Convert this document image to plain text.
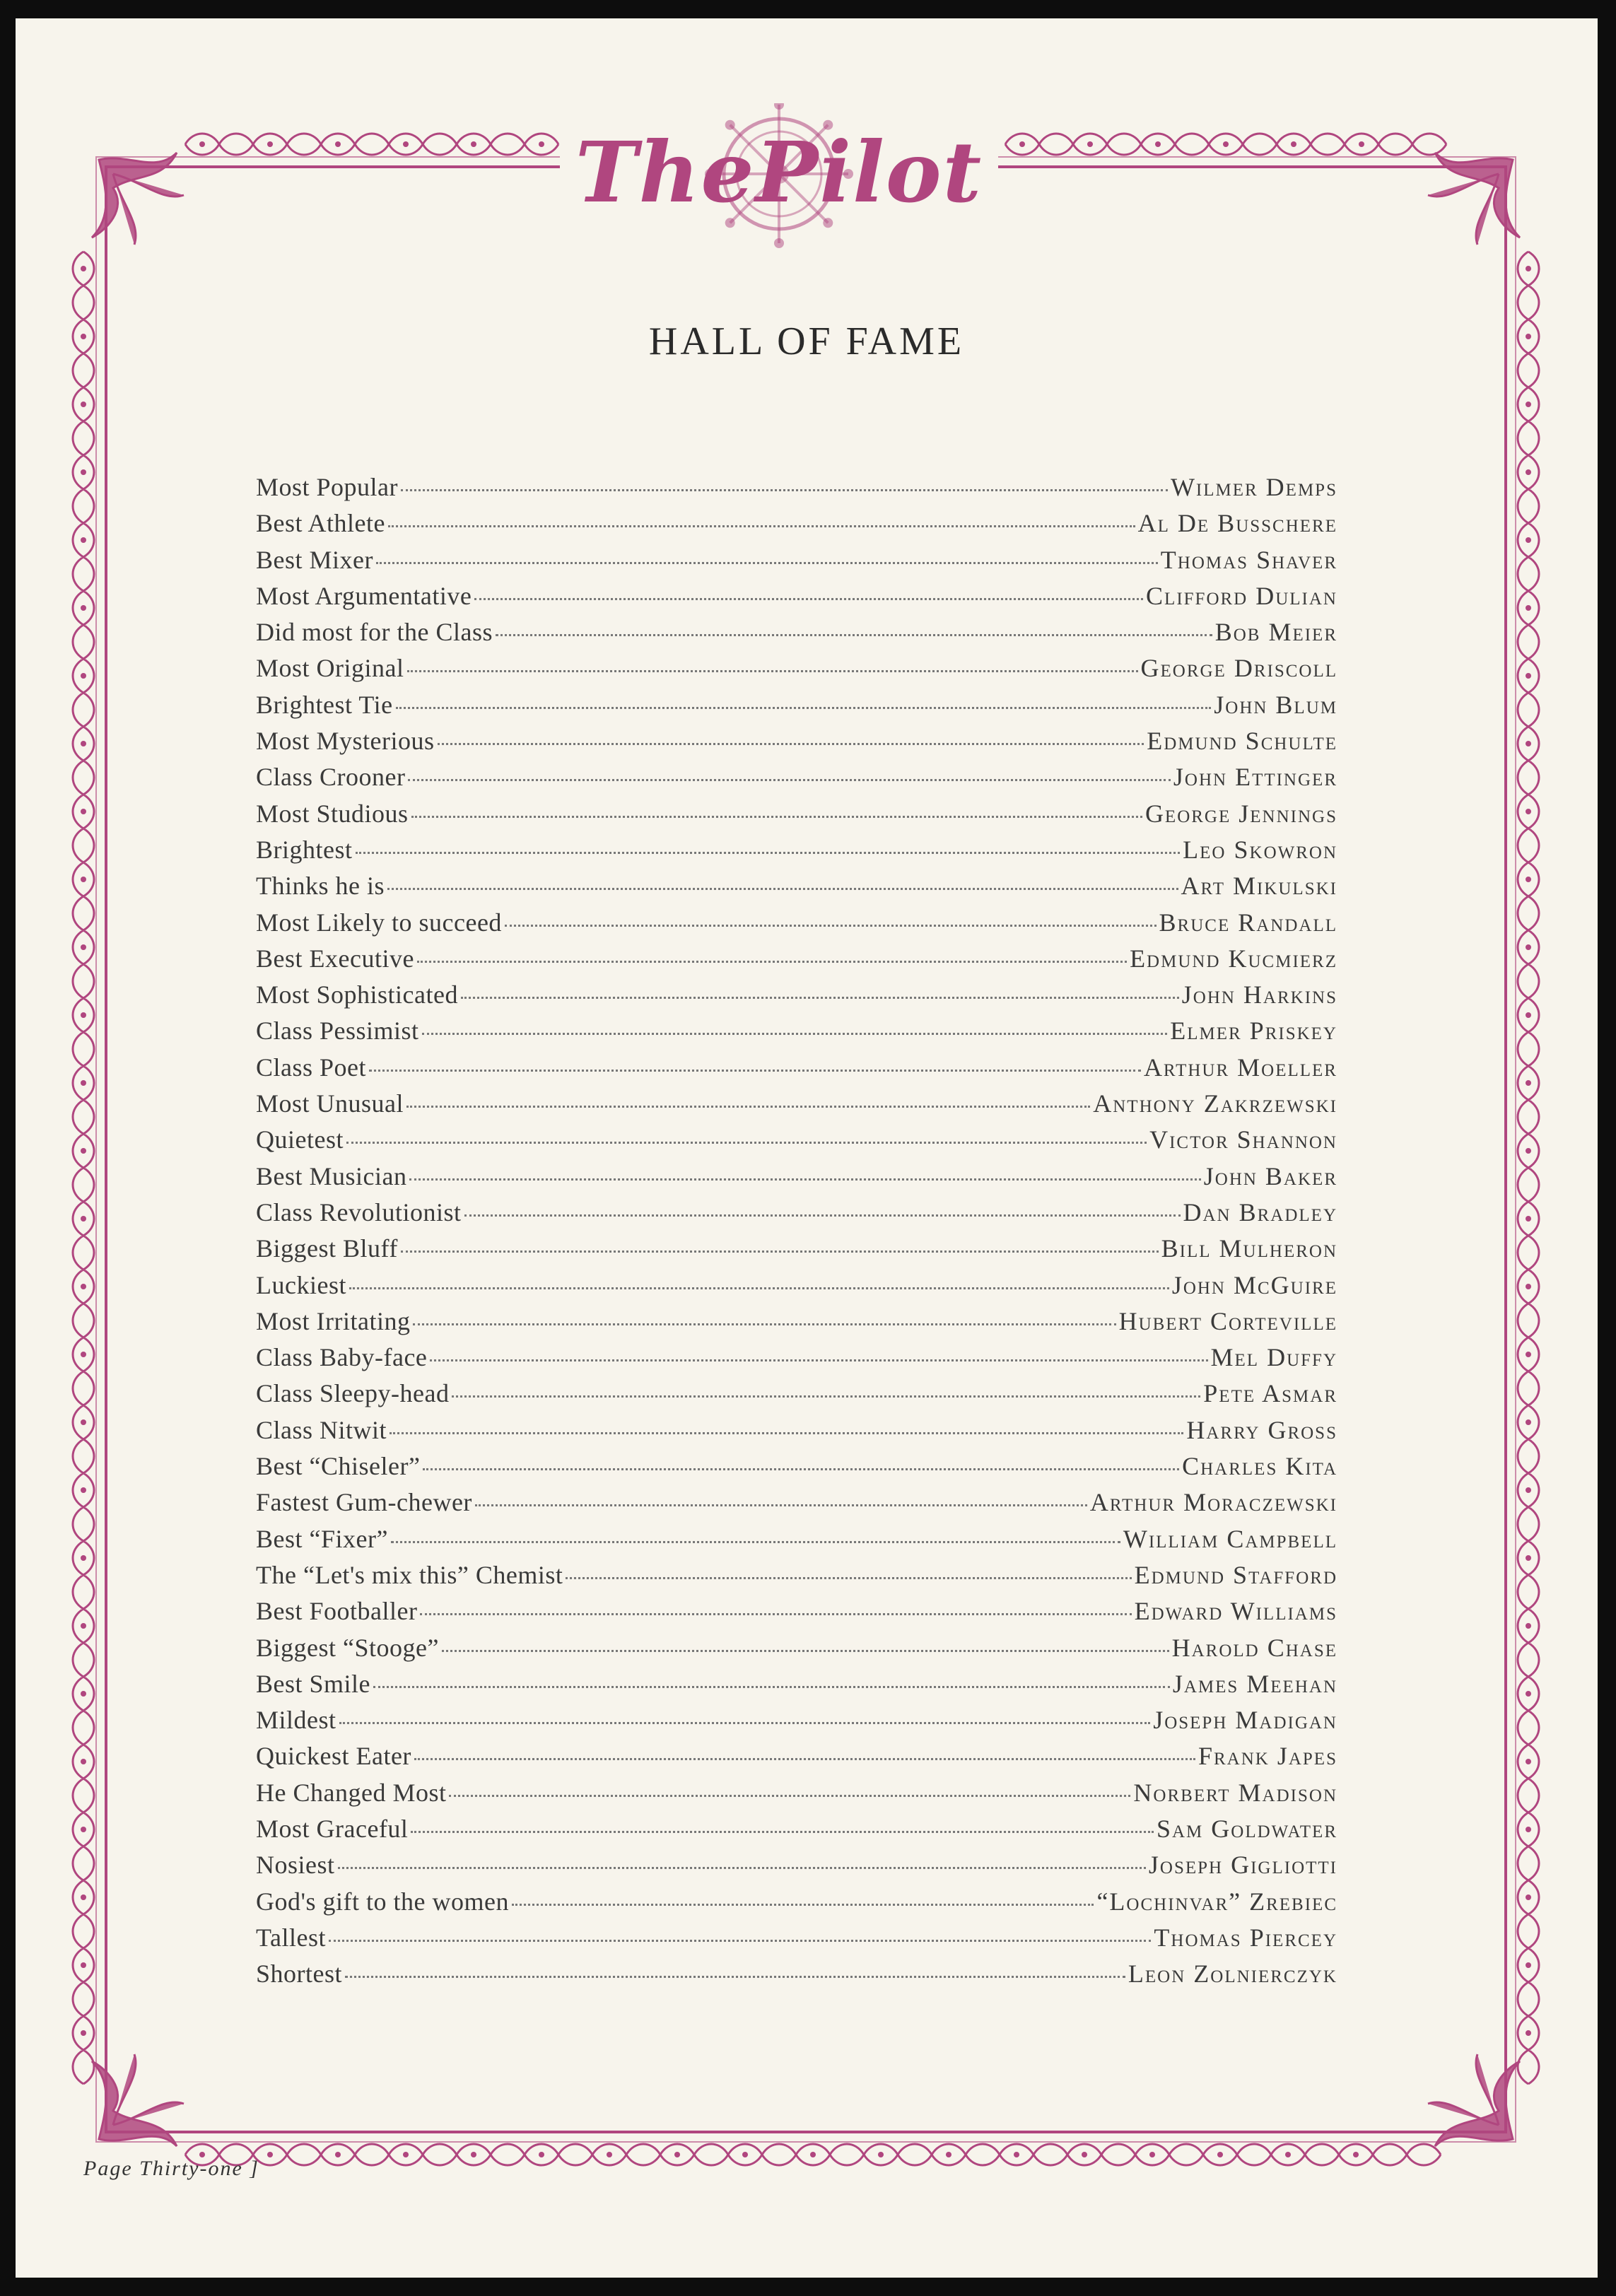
ThePilot
HALL OF FAME
Most Popular	Wilmer Demps
Best Athlete	Al De Busschere
Best Mixer	Thomas Shaver
Most Argumentative	Clifford Dulian
Did most for the Class	Bob Meier
Most Original	George Driscoll
Brightest Tie	John Blum
Most Mysterious	Edmund Schulte
Class Crooner	John Ettinger
Most Studious	George Jennings
Brightest	Leo Skowron
Thinks he is	Art Mikulski
Most Likely to succeed	Bruce Randall
Best Executive	Edmund Kucmierz
Most Sophisticated	John Harkins
Class Pessimist	Elmer Priskey
Class Poet	Arthur Moeller
Most Unusual	Anthony Zakrzewski
Quietest	Victor Shannon
Best Musician	John Baker
Class Revolutionist	Dan Bradley
Biggest Bluff	Bill Mulheron
Luckiest	John McGuire
Most Irritating	Hubert Corteville
Class Baby-face	Mel Duffy
Class Sleepy-head	Pete Asmar
Class Nitwit	Harry Gross
Best “Chiseler”	Charles Kita
Fastest Gum-chewer	Arthur Moraczewski
Best “Fixer”	William Campbell
The “Let's mix this” Chemist	Edmund Stafford
Best Footballer	Edward Williams
Biggest “Stooge”	Harold Chase
Best Smile	James Meehan
Mildest	Joseph Madigan
Quickest Eater	Frank Japes
He Changed Most	Norbert Madison
Most Graceful	Sam Goldwater
Nosiest	Joseph Gigliotti
God's gift to the women	“Lochinvar” Zrebiec
Tallest	Thomas Piercey
Shortest	Leon Zolnierczyk
Page Thirty-one ]
